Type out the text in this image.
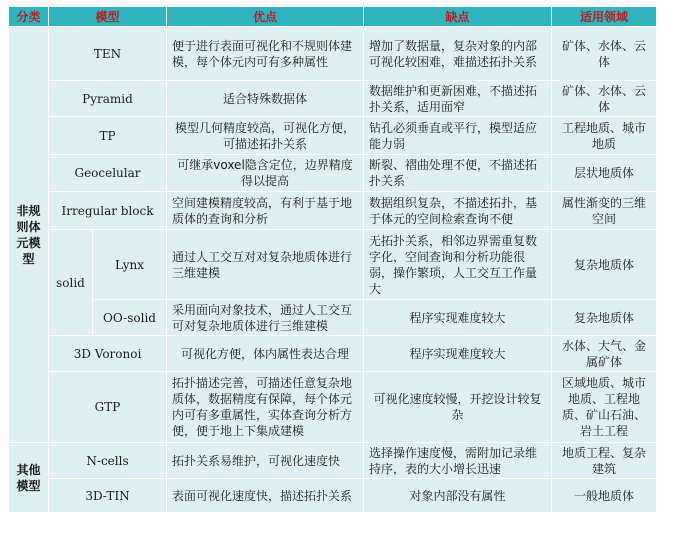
分类	模型		优点	缺点	适用领域
非规则体元模型	TEN		便于进行表面可视化和不规则体建模，每个体元内可有多种属性	增加了数据量，复杂对象的内部可视化较困难，难描述拓扑关系	矿体、水体、云体
	Pyramid		适合特殊数据体	数据维护和更新困难，不描述拓扑关系，适用面窄	矿体、水体、云体
	TP		模型几何精度较高，可视化方便，可描述拓扑关系	钻孔必须垂直或平行，模型适应能力弱	工程地质、城市地质
	Geocelular		可继承voxel隐含定位，边界精度得以提高	断裂、褶曲处理不便，不描述拓扑关系	层状地质体
	Irregular block		空间建模精度较高，有利于基于地质体的查询和分析	数据组织复杂，不描述拓扑，基于体元的空间检索查询不便	属性渐变的三维空间
	solid	Lynx	通过人工交互对对复杂地质体进行三维建模	无拓扑关系，相邻边界需重复数字化，空间查询和分析功能很弱，操作繁琐，人工交互工作量大	复杂地质体
		OO-solid	采用面向对象技术，通过人工交互可对复杂地质体进行三维建模	程序实现难度较大	复杂地质体
	3D Voronoi		可视化方便，体内属性表达合理	程序实现难度较大	水体、大气、金属矿体
	GTP		拓扑描述完善，可描述任意复杂地质体，数据精度有保障，每个体元内可有多重属性，实体查询分析方便，便于地上下集成建模	可视化速度较慢，开挖设计较复杂	区域地质、城市地质、工程地质、矿山石油、岩土工程
其他模型	N-cells		拓扑关系易维护，可视化速度快	选择操作速度慢，需附加记录维持序，表的大小增长迅速	地质工程、复杂建筑
	3D-TIN		表面可视化速度快，描述拓扑关系	对象内部没有属性	一般地质体
